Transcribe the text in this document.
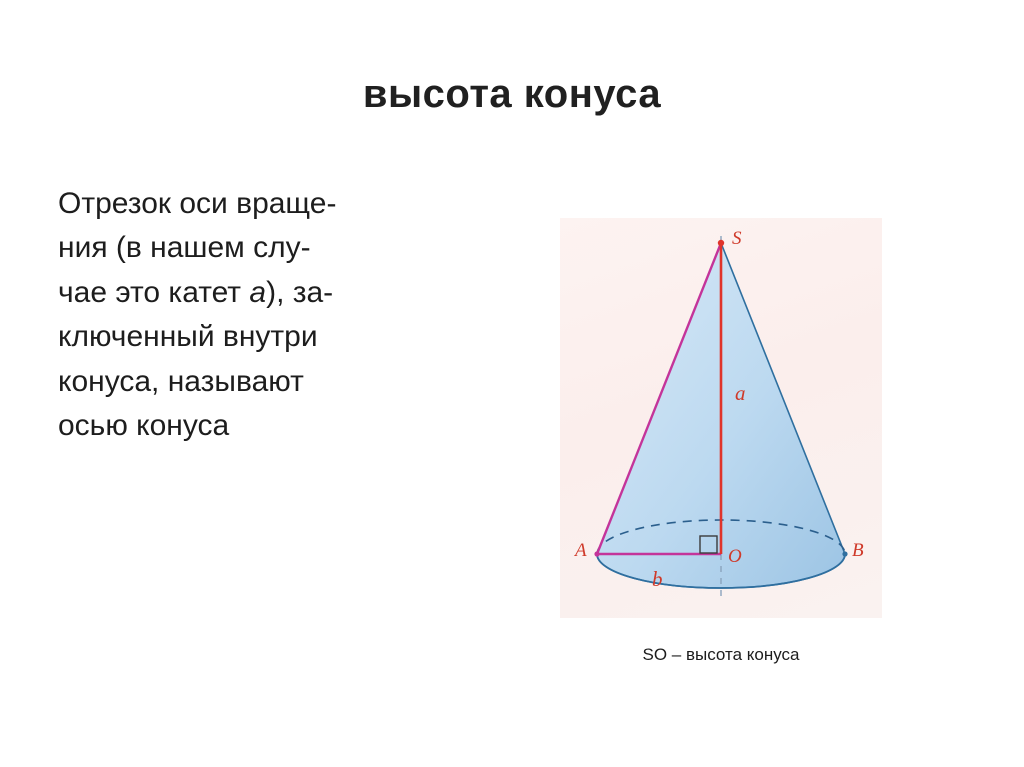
высота конуса
Отрезок оси враще-
ния (в нашем слу-
чае это катет a), за-
ключенный внутри
конуса, называют
осью конуса
S
a
O
A	B
b
SO – высота конуса
